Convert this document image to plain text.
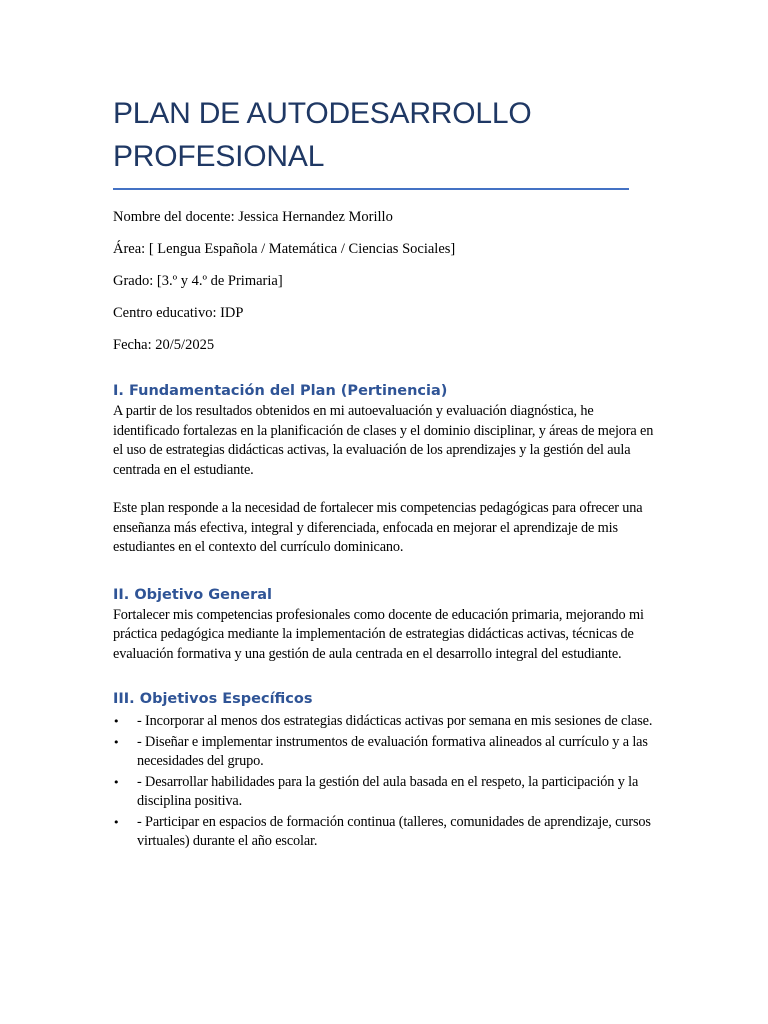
PLAN DE AUTODESARROLLO PROFESIONAL

Nombre del docente: Jessica Hernandez Morillo

Área: [ Lengua Española / Matemática / Ciencias Sociales]

Grado: [3.º y 4.º de Primaria]

Centro educativo: IDP

Fecha: 20/5/2025

I. Fundamentación del Plan (Pertinencia)

A partir de los resultados obtenidos en mi autoevaluación y evaluación diagnóstica, he identificado fortalezas en la planificación de clases y el dominio disciplinar, y áreas de mejora en el uso de estrategias didácticas activas, la evaluación de los aprendizajes y la gestión del aula centrada en el estudiante.

Este plan responde a la necesidad de fortalecer mis competencias pedagógicas para ofrecer una enseñanza más efectiva, integral y diferenciada, enfocada en mejorar el aprendizaje de mis estudiantes en el contexto del currículo dominicano.

II. Objetivo General

Fortalecer mis competencias profesionales como docente de educación primaria, mejorando mi práctica pedagógica mediante la implementación de estrategias didácticas activas, técnicas de evaluación formativa y una gestión de aula centrada en el desarrollo integral del estudiante.

III. Objetivos Específicos
• - Incorporar al menos dos estrategias didácticas activas por semana en mis sesiones de clase.
• - Diseñar e implementar instrumentos de evaluación formativa alineados al currículo y a las necesidades del grupo.
• - Desarrollar habilidades para la gestión del aula basada en el respeto, la participación y la disciplina positiva.
• - Participar en espacios de formación continua (talleres, comunidades de aprendizaje, cursos virtuales) durante el año escolar.
